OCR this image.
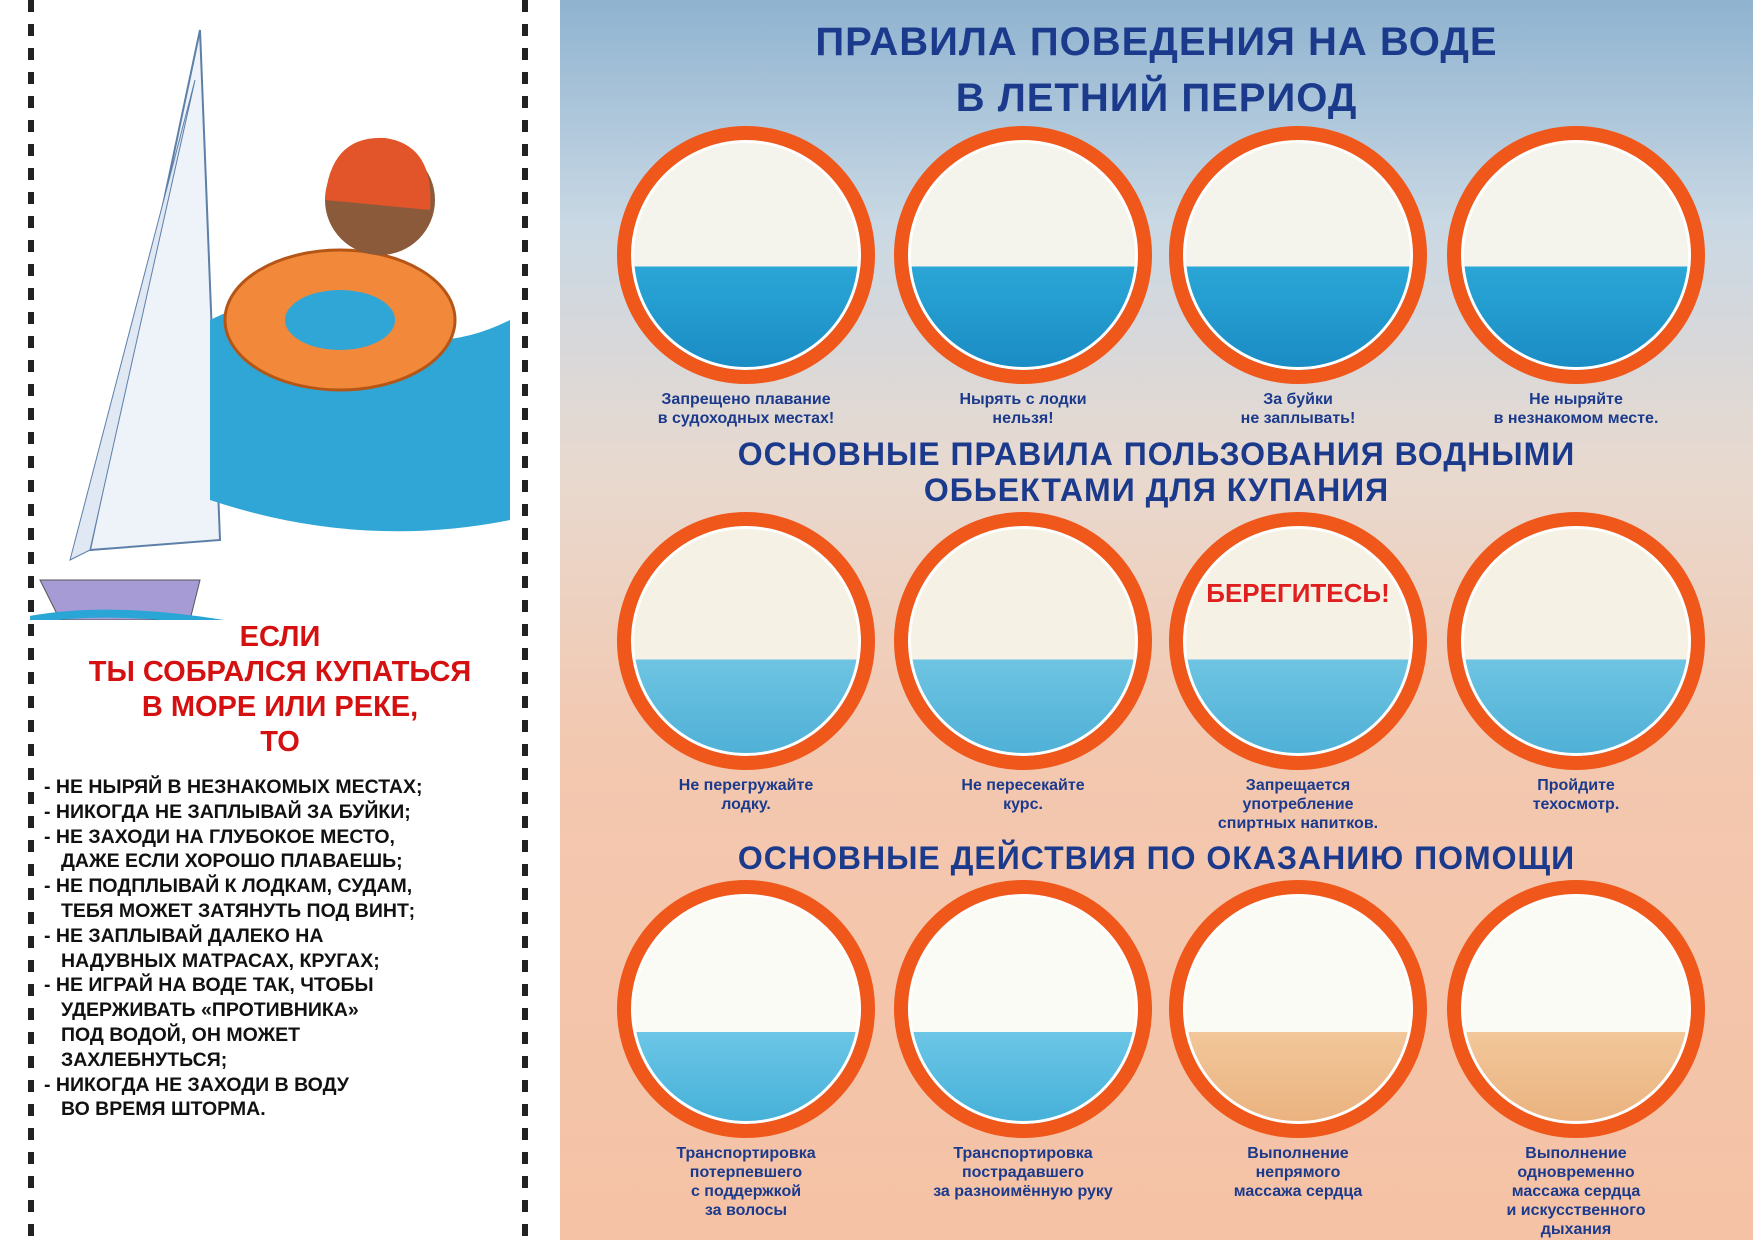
ЕСЛИ
ТЫ СОБРАЛСЯ КУПАТЬСЯ
В МОРЕ ИЛИ РЕКЕ,
ТО
- НЕ НЫРЯЙ В НЕЗНАКОМЫХ МЕСТАХ;
- НИКОГДА НЕ ЗАПЛЫВАЙ ЗА БУЙКИ;
- НЕ ЗАХОДИ НА ГЛУБОКОЕ МЕСТО,
ДАЖЕ ЕСЛИ ХОРОШО ПЛАВАЕШЬ;
- НЕ ПОДПЛЫВАЙ К ЛОДКАМ, СУДАМ,
ТЕБЯ МОЖЕТ ЗАТЯНУТЬ ПОД ВИНТ;
- НЕ ЗАПЛЫВАЙ ДАЛЕКО НА
НАДУВНЫХ МАТРАСАХ, КРУГАХ;
- НЕ ИГРАЙ НА ВОДЕ ТАК, ЧТОБЫ
УДЕРЖИВАТЬ «ПРОТИВНИКА»
ПОД ВОДОЙ, ОН МОЖЕТ
ЗАХЛЕБНУТЬСЯ;
- НИКОГДА НЕ ЗАХОДИ В ВОДУ
ВО ВРЕМЯ ШТОРМА.
ПРАВИЛА ПОВЕДЕНИЯ НА ВОДЕ
В ЛЕТНИЙ ПЕРИОД
Запрещено плавание
в судоходных местах!
Нырять с лодки
нельзя!
За буйки
не заплывать!
Не ныряйте
в незнакомом месте.
ОСНОВНЫЕ ПРАВИЛА ПОЛЬЗОВАНИЯ ВОДНЫМИ
ОБЬЕКТАМИ ДЛЯ КУПАНИЯ
Не перегружайте
лодку.
Не пересекайте
курс.
БЕРЕГИТЕСЬ!
Запрещается
употребление
спиртных напитков.
Пройдите
техосмотр.
ОСНОВНЫЕ ДЕЙСТВИЯ ПО ОКАЗАНИЮ ПОМОЩИ
Транспортировка
потерпевшего
с поддержкой
за волосы
Транспортировка
пострадавшего
за разноимённую руку
Выполнение
непрямого
массажа сердца
Выполнение
одновременно
массажа сердца
и искусственного
дыхания
